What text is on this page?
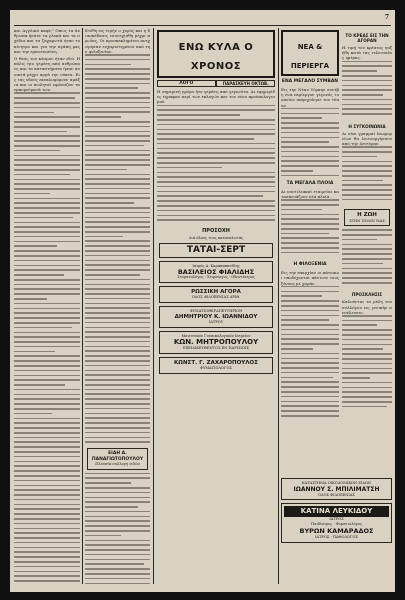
7
και Αγγλικό καφέ;" Οπως τα άνθρωπα ήσανε τα γλυκά και τα σχέδια και τα ζαχαρωτά ήταν το κίνητρο και για την αγάπη μας και την εμπιστοσύνη.
Ο Θεός του κόσμου ήταν εδώ. Η πόλις ήτο γεμάτη από ανθρώπους και τα καταστήματα ήσαν ανοικτά μέχρι αργά την νύκτα. Εις τας οδούς εκυκλοφόρουν αμάξια και οι πωληταί εφώναζαν τα εμπορεύματά των.
Ετέθη εις τιμήν ο χορός και η διασκέδασις εσυνεχίσθη μέχρι πρωΐας. Οι προσκεκλημένοι ανεχώρησαν ευχαριστημένοι από την φιλοξενίαν.
ΕΙΔΗ Δ. ΠΑΝΑΓΙΩΤΟΠΟΥΛΟΥ
Πλουσία συλλογή ειδών
ΕΝΩ ΚΥΛΑ Ο ΧΡΟΝΟΣ
ΛΟΓΟ	ΠΑΡΑΣΚΕΥΗ ΟΚΤΩΒ.
Η σημερινή ημέρα ήτο γεμάτη από γεγονότα. Αι εφημερίδες έγραφαν περί των εκλογών και του νέου προϋπολογισμού.
ΠΡΟΣΟΧΗ
Διά όλους τους καταναλωτάς
ΤΑΤΑΙ-ΣΕΡΤ
Ιατρός Α. Καραπαπανίδης
ΒΑΣΙΛΕΙΟΣ ΦΙΑΛΙΔΗΣ
Στοματολόγος - Χειρούργος - Οδοντίατρος
ΡΩΣΣΙΚΗ ΑΓΟΡΑ
ΟΔΟΣ ΦΙΛΟΞΕΝΙΑΣ ΑΡΙΘ.
ΦΥΜΑΤΙΟΘΕΡΑΠΕΥΤΗΡΙΟΝ
ΔΗΜΗΤΡΙΟΥ Κ. ΙΩΑΝΝΙΔΟΥ
ΙΑΤΡΟΥ
Μαιευτικόν Γυναικολογικόν Ιατρείον
ΚΩΝ. ΜΗΤΡΟΠΟΥΛΟΥ
ΕΞΕΙΔΙΚΕΥΘΕΝΤΟΣ ΕΝ ΠΑΡΙΣΙΟΙΣ
ΚΩΝΣΤ. Γ. ΖΑΧΑΡΟΠΟΥΛΟΣ
ΦΥΜΑΤΙΟΛΟΓΟΣ
ΝΕΑ & ΠΕΡΙΕΡΓΑ
ΕΝΑ ΜΕΓΑΛΟ ΣΥΜΒΑΝ
Εις την Νέαν Υόρκην συνέβη ένα περίεργον γεγονός το οποίον απησχόλησε τον τύπον.
ΤΑ ΜΕΓΑΛΑ ΠΛΟΙΑ
Αι ναυτιλιακαί εταιρείαι κατασκευάζουν νέα πλοία.
Η ΦΙΛΟΞΕΝΙΑ
Εις την επαρχίαν οι κάτοικοι υποδέχονται πάντοτε τους ξένους με χαράν.
ΤΟ ΚΡΕΑΣ ΕΙΣ ΤΗΝ ΑΓΟΡΑΝ
Η τιμή του κρέατος ηυξήθη κατά τας τελευταίας ημέρας.
Η ΣΥΓΚΟΙΝΩΝΙΑ
Αι νέαι γραμμαί λεωφορείων θα λειτουργήσουν από την Δευτέραν.
Η ΖΩΗ
ΣΤΗΝ ΠΟΛΙΝ ΜΑΣ
ΠΡΟΣΚΛΗΣΙΣ
Καλούνται τα μέλη του συλλόγου εις γενικήν συνέλευσιν.
ΚΑΤΑΣΤΗΜΑ ΟΙΚΟΔΟΜΙΚΩΝ ΕΙΔΩΝ
ΙΩΑΝΝΟΥ Σ. ΜΠΙΛΙΜΑΤΣΗ
ΟΔΟΣ ΦΙΛΟΞΕΝΙΑΣ
ΚΑΤΙΝΑ ΛΕΥΚΙΔΟΥ
ΙΑΤΡΟΣ
Παιδίατρος - Φυματιολόγος
ΒΥΡΩΝ ΚΑΜΑΡΑΔΟΣ
ΙΑΤΡΟΣ - ΠΑΘΟΛΟΓΟΣ
